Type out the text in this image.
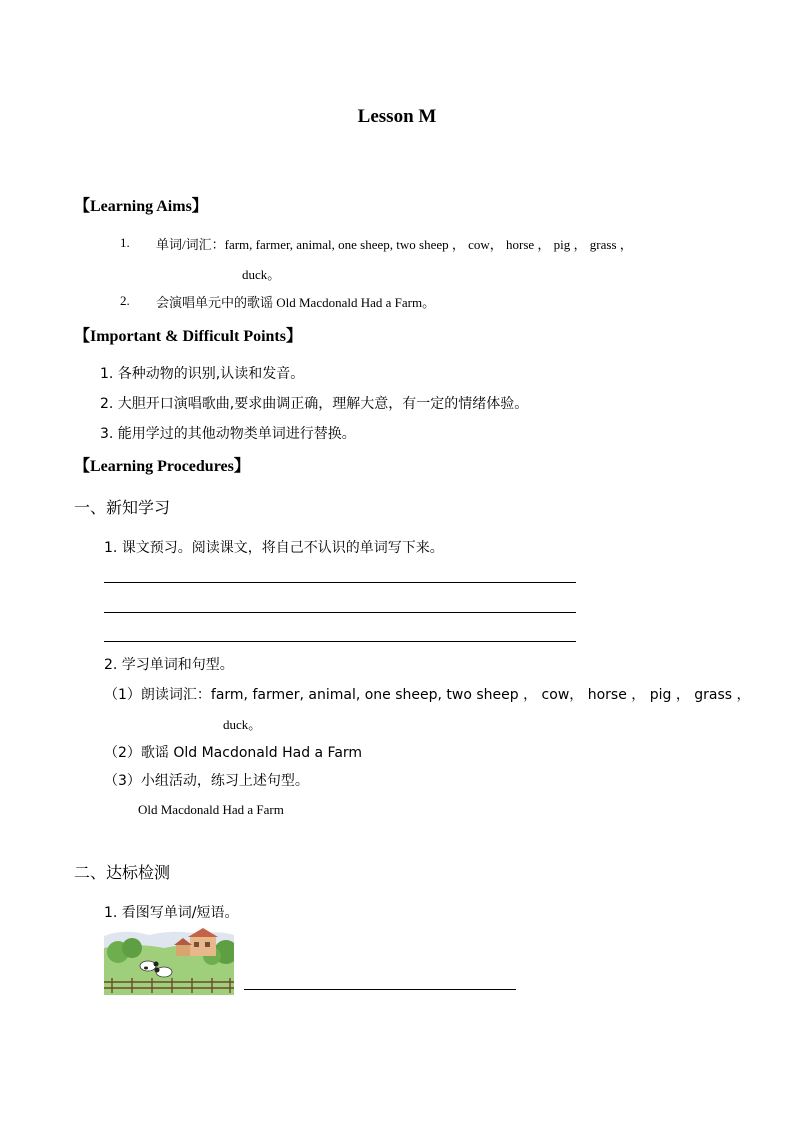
Lesson M
【Learning Aims】
1. 单词/词汇：farm, farmer, animal, one sheep, two sheep ， cow， horse ， pig ， grass ，
duck。
2. 会演唱单元中的歌谣 Old Macdonald Had a Farm。
【Important & Difficult Points】
1. 各种动物的识别,认读和发音。
2. 大胆开口演唱歌曲,要求曲调正确，理解大意，有一定的情绪体验。
3. 能用学过的其他动物类单词进行替换。
【Learning Procedures】
一、新知学习
1. 课文预习。阅读课文，将自己不认识的单词写下来。
2. 学习单词和句型。
（1）朗读词汇：farm, farmer, animal, one sheep, two sheep ， cow， horse ， pig ， grass ，
duck。
（2）歌谣 Old Macdonald Had a Farm
（3）小组活动，练习上述句型。
Old Macdonald Had a Farm
二、达标检测
1. 看图写单词/短语。
